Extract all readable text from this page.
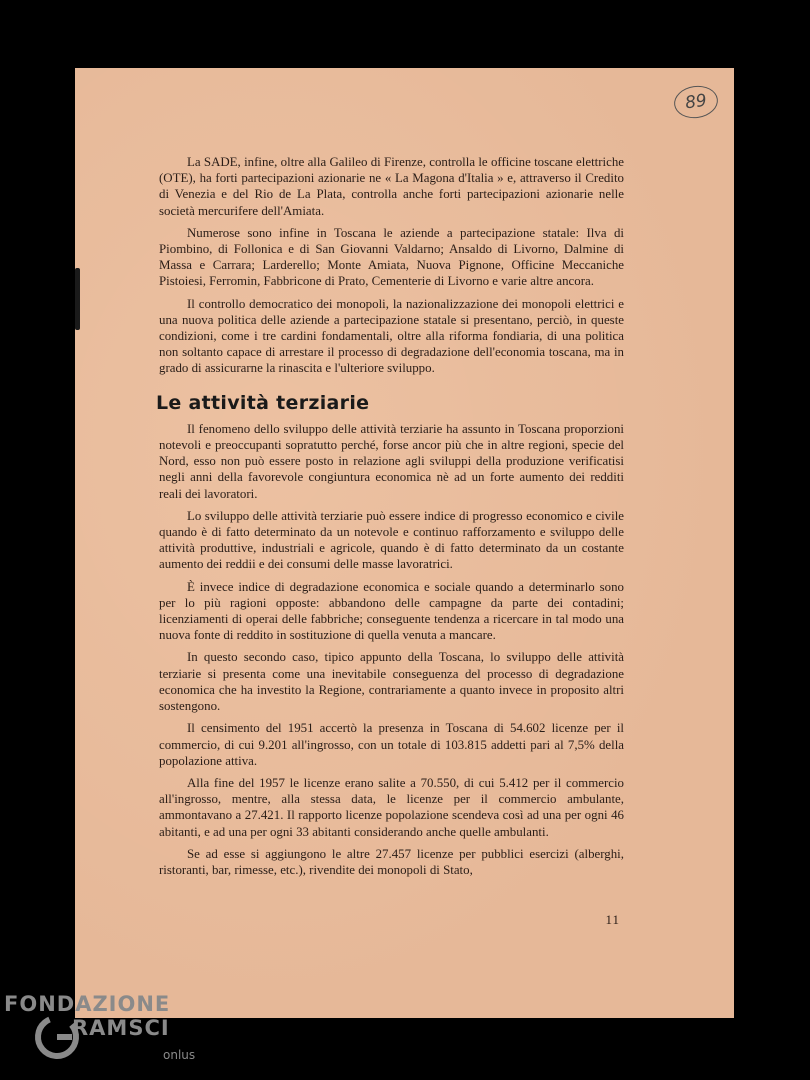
89

La SADE, infine, oltre alla Galileo di Firenze, controlla le officine toscane elettriche (OTE), ha forti partecipazioni azionarie ne « La Magona d'Italia » e, attraverso il Credito di Venezia e del Rio de La Plata, controlla anche forti partecipazioni azionarie nelle società mercurifere dell'Amiata.

Numerose sono infine in Toscana le aziende a partecipazione statale: Ilva di Piombino, di Follonica e di San Giovanni Valdarno; Ansaldo di Livorno, Dalmine di Massa e Carrara; Larderello; Monte Amiata, Nuova Pignone, Officine Meccaniche Pistoiesi, Ferromin, Fabbricone di Prato, Cementerie di Livorno e varie altre ancora.

Il controllo democratico dei monopoli, la nazionalizzazione dei monopoli elettrici e una nuova politica delle aziende a partecipazione statale si presentano, perciò, in queste condizioni, come i tre cardini fondamentali, oltre alla riforma fondiaria, di una politica non soltanto capace di arrestare il processo di degradazione dell'economia toscana, ma in grado di assicurarne la rinascita e l'ulteriore sviluppo.

Le attività terziarie

Il fenomeno dello sviluppo delle attività terziarie ha assunto in Toscana proporzioni notevoli e preoccupanti sopratutto perché, forse ancor più che in altre regioni, specie del Nord, esso non può essere posto in relazione agli sviluppi della produzione verificatisi negli anni della favorevole congiuntura economica nè ad un forte aumento dei redditi reali dei lavoratori.

Lo sviluppo delle attività terziarie può essere indice di progresso economico e civile quando è di fatto determinato da un notevole e continuo rafforzamento e sviluppo delle attività produttive, industriali e agricole, quando è di fatto determinato da un costante aumento dei reddii e dei consumi delle masse lavoratrici.

È invece indice di degradazione economica e sociale quando a determinarlo sono per lo più ragioni opposte: abbandono delle campagne da parte dei contadini; licenziamenti di operai delle fabbriche; conseguente tendenza a ricercare in tal modo una nuova fonte di reddito in sostituzione di quella venuta a mancare.

In questo secondo caso, tipico appunto della Toscana, lo sviluppo delle attività terziarie si presenta come una inevitabile conseguenza del processo di degradazione economica che ha investito la Regione, contrariamente a quanto invece in proposito altri sostengono.

Il censimento del 1951 accertò la presenza in Toscana di 54.602 licenze per il commercio, di cui 9.201 all'ingrosso, con un totale di 103.815 addetti pari al 7,5% della popolazione attiva.

Alla fine del 1957 le licenze erano salite a 70.550, di cui 5.412 per il commercio all'ingrosso, mentre, alla stessa data, le licenze per il commercio ambulante, ammontavano a 27.421. Il rapporto licenze popolazione scendeva così ad una per ogni 46 abitanti, e ad una per ogni 33 abitanti considerando anche quelle ambulanti.

Se ad esse si aggiungono le altre 27.457 licenze per pubblici esercizi (alberghi, ristoranti, bar, rimesse, etc.), rivendite dei monopoli di Stato,

11
FONDAZIONE
RAMSCI
onlus
